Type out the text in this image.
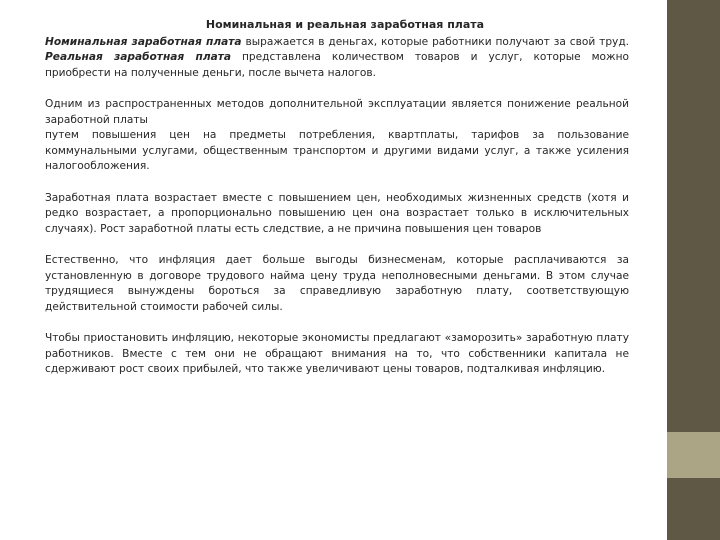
Номинальная и реальная заработная плата
Номинальная заработная плата выражается в деньгах, которые работники получают за свой труд. Реальная заработная плата представлена количеством товаров и услуг, которые можно приобрести на полученные деньги, после вычета налогов.

Одним из распространенных методов дополнительной эксплуатации является понижение реальной заработной платы

путем повышения цен на предметы потребления, квартплаты, тарифов за пользование коммунальными услугами, общественным транспортом и другими видами услуг, а также усиления налогообложения.

Заработная плата возрастает вместе с повышением цен, необходимых жизненных средств (хотя и редко возрастает, а пропорционально повышению цен она возрастает только в исключительных случаях). Рост заработной платы есть следствие, а не причина повышения цен товаров
Естественно, что инфляция дает больше выгоды бизнесменам, которые расплачиваются за установленную в договоре трудового найма цену труда неполновесными деньгами. В этом случае трудящиеся вынуждены бороться за справедливую заработную плату, соответствующую действительной стоимости рабочей силы.
Чтобы приостановить инфляцию, некоторые экономисты предлагают «заморозить» заработную плату работников. Вместе с тем они не обращают внимания на то, что собственники капитала не сдерживают рост своих прибылей, что также увеличивают цены товаров, подталкивая инфляцию.
